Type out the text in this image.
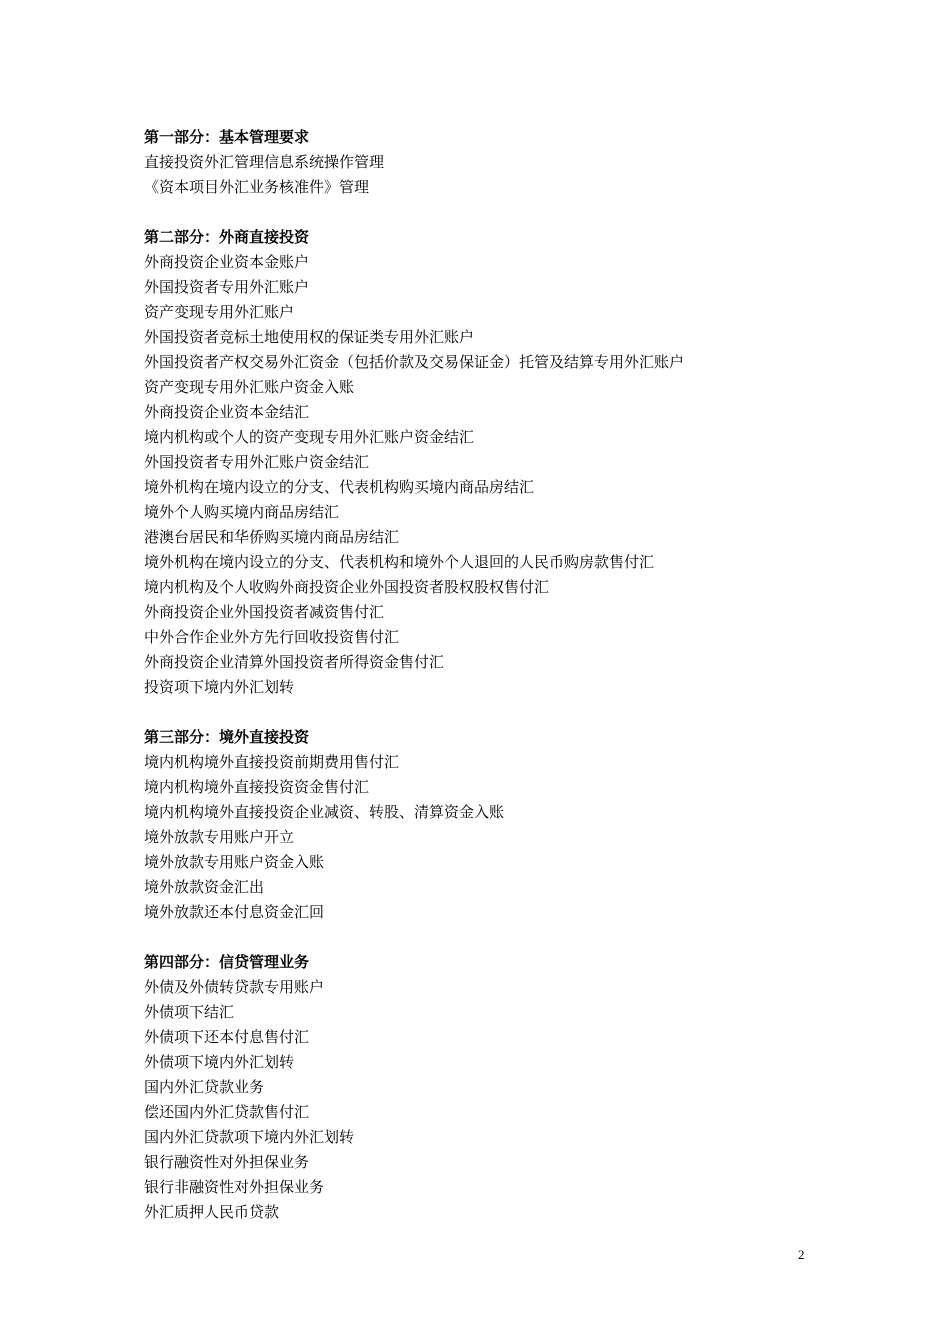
第一部分：基本管理要求
直接投资外汇管理信息系统操作管理
《资本项目外汇业务核准件》管理
第二部分：外商直接投资
外商投资企业资本金账户
外国投资者专用外汇账户
资产变现专用外汇账户
外国投资者竞标土地使用权的保证类专用外汇账户
外国投资者产权交易外汇资金（包括价款及交易保证金）托管及结算专用外汇账户
资产变现专用外汇账户资金入账
外商投资企业资本金结汇
境内机构或个人的资产变现专用外汇账户资金结汇
外国投资者专用外汇账户资金结汇
境外机构在境内设立的分支、代表机构购买境内商品房结汇
境外个人购买境内商品房结汇
港澳台居民和华侨购买境内商品房结汇
境外机构在境内设立的分支、代表机构和境外个人退回的人民币购房款售付汇
境内机构及个人收购外商投资企业外国投资者股权股权售付汇
外商投资企业外国投资者减资售付汇
中外合作企业外方先行回收投资售付汇
外商投资企业清算外国投资者所得资金售付汇
投资项下境内外汇划转
第三部分：境外直接投资
境内机构境外直接投资前期费用售付汇
境内机构境外直接投资资金售付汇
境内机构境外直接投资企业减资、转股、清算资金入账
境外放款专用账户开立
境外放款专用账户资金入账
境外放款资金汇出
境外放款还本付息资金汇回
第四部分：信贷管理业务
外债及外债转贷款专用账户
外债项下结汇
外债项下还本付息售付汇
外债项下境内外汇划转
国内外汇贷款业务
偿还国内外汇贷款售付汇
国内外汇贷款项下境内外汇划转
银行融资性对外担保业务
银行非融资性对外担保业务
外汇质押人民币贷款
2
